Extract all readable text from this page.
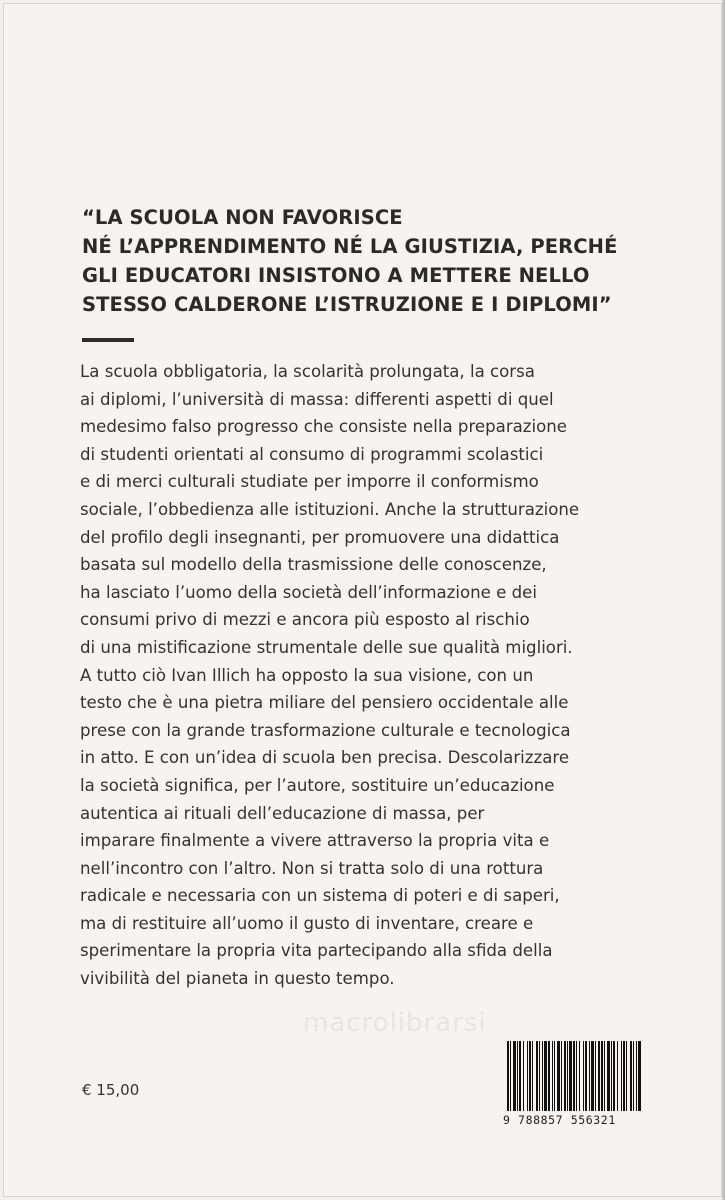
“LA SCUOLA NON FAVORISCE
NÉ L’APPRENDIMENTO NÉ LA GIUSTIZIA, PERCHÉ
GLI EDUCATORI INSISTONO A METTERE NELLO
STESSO CALDERONE L’ISTRUZIONE E I DIPLOMI”
La scuola obbligatoria, la scolarità prolungata, la corsa
ai diplomi, l’università di massa: differenti aspetti di quel
medesimo falso progresso che consiste nella preparazione
di studenti orientati al consumo di programmi scolastici
e di merci culturali studiate per imporre il conformismo
sociale, l’obbedienza alle istituzioni. Anche la strutturazione
del profilo degli insegnanti, per promuovere una didattica
basata sul modello della trasmissione delle conoscenze,
ha lasciato l’uomo della società dell’informazione e dei
consumi privo di mezzi e ancora più esposto al rischio
di una mistificazione strumentale delle sue qualità migliori.
A tutto ciò Ivan Illich ha opposto la sua visione, con un
testo che è una pietra miliare del pensiero occidentale alle
prese con la grande trasformazione culturale e tecnologica
in atto. E con un’idea di scuola ben precisa. Descolarizzare
la società significa, per l’autore, sostituire un’educazione
autentica ai rituali dell’educazione di massa, per
imparare finalmente a vivere attraverso la propria vita e
nell’incontro con l’altro. Non si tratta solo di una rottura
radicale e necessaria con un sistema di poteri e di saperi,
ma di restituire all’uomo il gusto di inventare, creare e
sperimentare la propria vita partecipando alla sfida della
vivibilità del pianeta in questo tempo.
macrolibrarsi
€ 15,00
9 788857 556321
